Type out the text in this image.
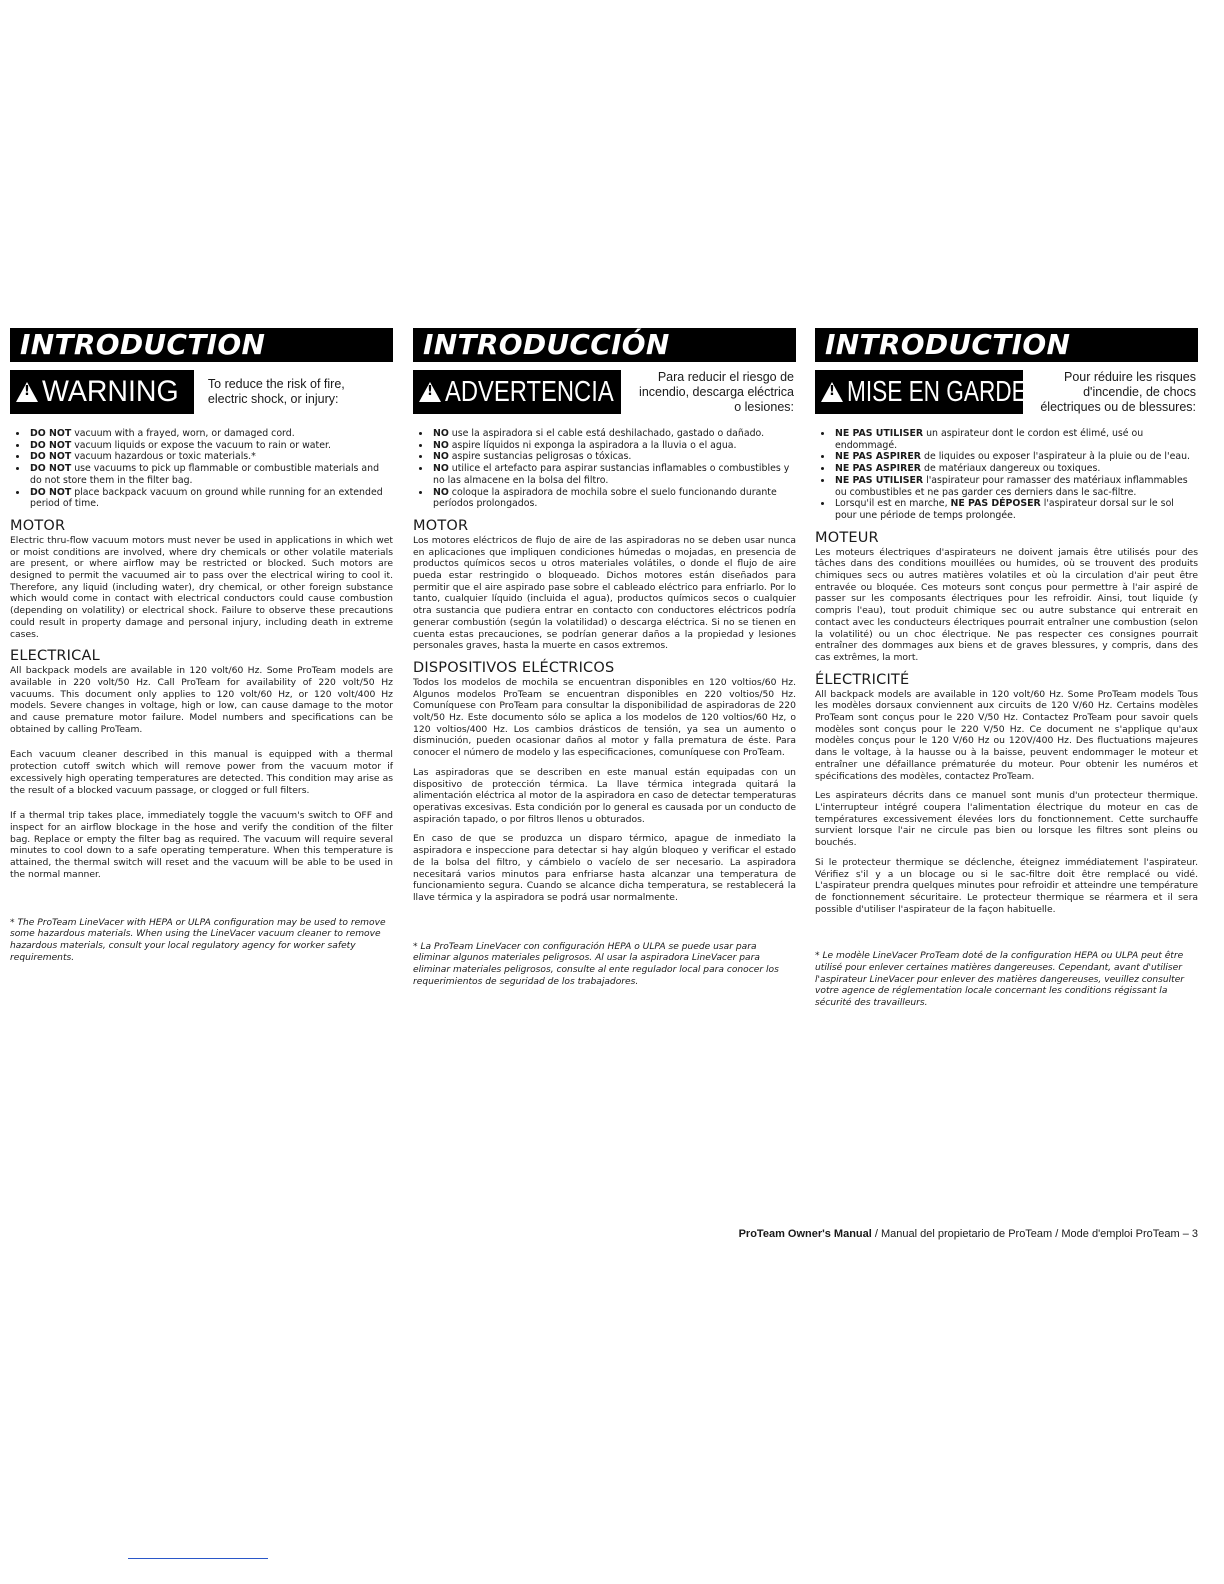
INTRODUCTION
! WARNING To reduce the risk of fire, electric shock, or injury:
• DO NOT vacuum with a frayed, worn, or damaged cord.
• DO NOT vacuum liquids or expose the vacuum to rain or water.
• DO NOT vacuum hazardous or toxic materials.*
• DO NOT use vacuums to pick up flammable or combustible materials and do not store them in the filter bag.
• DO NOT place backpack vacuum on ground while running for an extended period of time.
MOTOR

Electric thru-flow vacuum motors must never be used in applications in which wet or moist conditions are involved, where dry chemicals or other volatile materials are present, or where airflow may be restricted or blocked. Such motors are designed to permit the vacuumed air to pass over the electrical wiring to cool it. Therefore, any liquid (including water), dry chemical, or other foreign substance which would come in contact with electrical conductors could cause combustion (depending on volatility) or electrical shock. Failure to observe these precautions could result in property damage and personal injury, including death in extreme cases.

ELECTRICAL

All backpack models are available in 120 volt/60 Hz. Some ProTeam models are available in 220 volt/50 Hz. Call ProTeam for availability of 220 volt/50 Hz vacuums. This document only applies to 120 volt/60 Hz, or 120 volt/400 Hz models. Severe changes in voltage, high or low, can cause damage to the motor and cause premature motor failure. Model numbers and specifications can be obtained by calling ProTeam.

Each vacuum cleaner described in this manual is equipped with a thermal protection cutoff switch which will remove power from the vacuum motor if excessively high operating temperatures are detected. This condition may arise as the result of a blocked vacuum passage, or clogged or full filters.

If a thermal trip takes place, immediately toggle the vacuum's switch to OFF and inspect for an airflow blockage in the hose and verify the condition of the filter bag. Replace or empty the filter bag as required. The vacuum will require several minutes to cool down to a safe operating temperature. When this temperature is attained, the thermal switch will reset and the vacuum will be able to be used in the normal manner.

* The ProTeam LineVacer with HEPA or ULPA configuration may be used to remove some hazardous materials. When using the LineVacer vacuum cleaner to remove hazardous materials, consult your local regulatory agency for worker safety requirements.

INTRODUCCIÓN
! ADVERTENCIA	Para reducir el riesgo de incendio, descarga eléctrica o lesiones:
• NO use la aspiradora si el cable está deshilachado, gastado o dañado.
• NO aspire líquidos ni exponga la aspiradora a la lluvia o el agua.
• NO aspire sustancias peligrosas o tóxicas.
• NO utilice el artefacto para aspirar sustancias inflamables o combustibles y no las almacene en la bolsa del filtro.
• NO coloque la aspiradora de mochila sobre el suelo funcionando durante períodos prolongados.
MOTOR

Los motores eléctricos de flujo de aire de las aspiradoras no se deben usar nunca en aplicaciones que impliquen condiciones húmedas o mojadas, en presencia de productos químicos secos u otros materiales volátiles, o donde el flujo de aire pueda estar restringido o bloqueado. Dichos motores están diseñados para permitir que el aire aspirado pase sobre el cableado eléctrico para enfriarlo. Por lo tanto, cualquier líquido (incluida el agua), productos químicos secos o cualquier otra sustancia que pudiera entrar en contacto con conductores eléctricos podría generar combustión (según la volatilidad) o descarga eléctrica. Si no se tienen en cuenta estas precauciones, se podrían generar daños a la propiedad y lesiones personales graves, hasta la muerte en casos extremos.

DISPOSITIVOS ELÉCTRICOS

Todos los modelos de mochila se encuentran disponibles en 120 voltios/60 Hz. Algunos modelos ProTeam se encuentran disponibles en 220 voltios/50 Hz. Comuníquese con ProTeam para consultar la disponibilidad de aspiradoras de 220 volt/50 Hz. Este documento sólo se aplica a los modelos de 120 voltios/60 Hz, o 120 voltios/400 Hz. Los cambios drásticos de tensión, ya sea un aumento o disminución, pueden ocasionar daños al motor y falla prematura de éste. Para conocer el número de modelo y las especificaciones, comuníquese con ProTeam.

Las aspiradoras que se describen en este manual están equipadas con un dispositivo de protección térmica. La llave térmica integrada quitará la alimentación eléctrica al motor de la aspiradora en caso de detectar temperaturas operativas excesivas. Esta condición por lo general es causada por un conducto de aspiración tapado, o por filtros llenos u obturados.

En caso de que se produzca un disparo térmico, apague de inmediato la aspiradora e inspeccione para detectar si hay algún bloqueo y verificar el estado de la bolsa del filtro, y cámbielo o vacíelo de ser necesario. La aspiradora necesitará varios minutos para enfriarse hasta alcanzar una temperatura de funcionamiento segura. Cuando se alcance dicha temperatura, se restablecerá la llave térmica y la aspiradora se podrá usar normalmente.

* La ProTeam LineVacer con configuración HEPA o ULPA se puede usar para eliminar algunos materiales peligrosos. Al usar la aspiradora LineVacer para eliminar materiales peligrosos, consulte al ente regulador local para conocer los requerimientos de seguridad de los trabajadores.

INTRODUCTION
! MISE EN GARDE	Pour réduire les risques d'incendie, de chocs électriques ou de blessures:
• NE PAS UTILISER un aspirateur dont le cordon est élimé, usé ou endommagé.
• NE PAS ASPIRER de liquides ou exposer l'aspirateur à la pluie ou de l'eau.
• NE PAS ASPIRER de matériaux dangereux ou toxiques.
• NE PAS UTILISER l'aspirateur pour ramasser des matériaux inflammables ou combustibles et ne pas garder ces derniers dans le sac-filtre.
• Lorsqu'il est en marche, NE PAS DÉPOSER l'aspirateur dorsal sur le sol pour une période de temps prolongée.
MOTEUR

Les moteurs électriques d'aspirateurs ne doivent jamais être utilisés pour des tâches dans des conditions mouillées ou humides, où se trouvent des produits chimiques secs ou autres matières volatiles et où la circulation d'air peut être entravée ou bloquée. Ces moteurs sont conçus pour permettre à l'air aspiré de passer sur les composants électriques pour les refroidir. Ainsi, tout liquide (y compris l'eau), tout produit chimique sec ou autre substance qui entrerait en contact avec les conducteurs électriques pourrait entraîner une combustion (selon la volatilité) ou un choc électrique. Ne pas respecter ces consignes pourrait entraîner des dommages aux biens et de graves blessures, y compris, dans des cas extrêmes, la mort.

ÉLECTRICITÉ

All backpack models are available in 120 volt/60 Hz. Some ProTeam models Tous les modèles dorsaux conviennent aux circuits de 120 V/60 Hz. Certains modèles ProTeam sont conçus pour le 220 V/50 Hz. Contactez ProTeam pour savoir quels modèles sont conçus pour le 220 V/50 Hz. Ce document ne s'applique qu'aux modèles conçus pour le 120 V/60 Hz ou 120V/400 Hz. Des fluctuations majeures dans le voltage, à la hausse ou à la baisse, peuvent endommager le moteur et entraîner une défaillance prématurée du moteur. Pour obtenir les numéros et spécifications des modèles, contactez ProTeam.

Les aspirateurs décrits dans ce manuel sont munis d'un protecteur thermique. L'interrupteur intégré coupera l'alimentation électrique du moteur en cas de températures excessivement élevées lors du fonctionnement. Cette surchauffe survient lorsque l'air ne circule pas bien ou lorsque les filtres sont pleins ou bouchés.

Si le protecteur thermique se déclenche, éteignez immédiatement l'aspirateur. Vérifiez s'il y a un blocage ou si le sac-filtre doit être remplacé ou vidé. L'aspirateur prendra quelques minutes pour refroidir et atteindre une température de fonctionnement sécuritaire. Le protecteur thermique se réarmera et il sera possible d'utiliser l'aspirateur de la façon habituelle.

* Le modèle LineVacer ProTeam doté de la configuration HEPA ou ULPA peut être utilisé pour enlever certaines matières dangereuses. Cependant, avant d'utiliser l'aspirateur LineVacer pour enlever des matières dangereuses, veuillez consulter votre agence de réglementation locale concernant les conditions régissant la sécurité des travailleurs.

ProTeam Owner's Manual / Manual del propietario de ProTeam / Mode d'emploi ProTeam – 3
